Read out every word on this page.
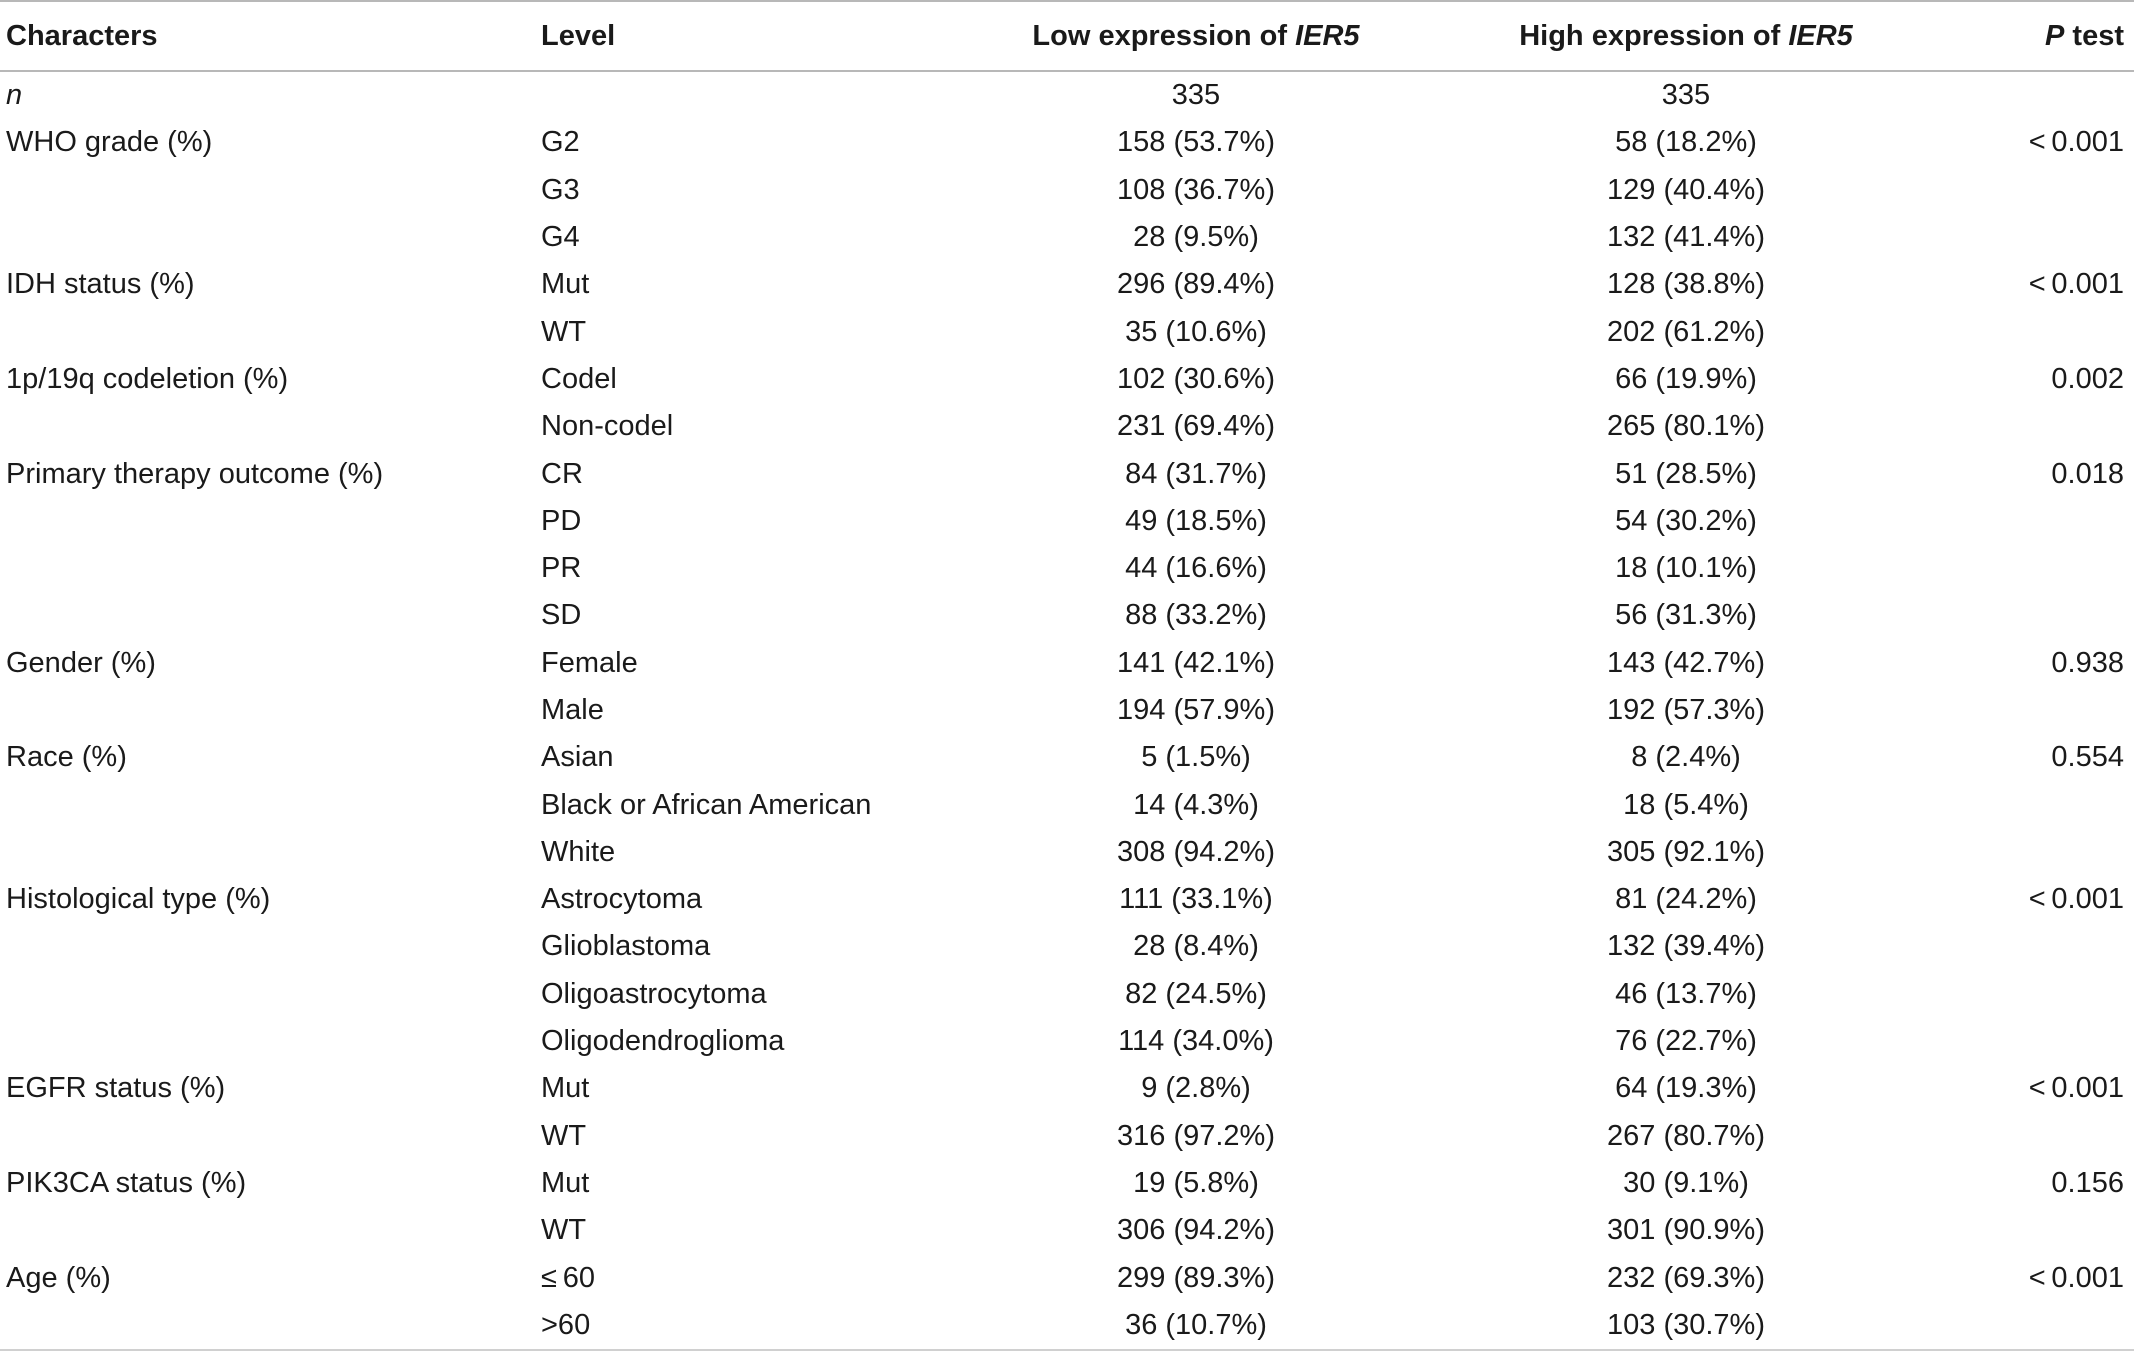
Characters	Level	Low expression of IER5	High expression of IER5	P test
n		335	335	
WHO grade (%)	G2	158 (53.7%)	58 (18.2%)	< 0.001
	G3	108 (36.7%)	129 (40.4%)	
	G4	28 (9.5%)	132 (41.4%)	
IDH status (%)	Mut	296 (89.4%)	128 (38.8%)	< 0.001
	WT	35 (10.6%)	202 (61.2%)	
1p/19q codeletion (%)	Codel	102 (30.6%)	66 (19.9%)	0.002
	Non-codel	231 (69.4%)	265 (80.1%)	
Primary therapy outcome (%)	CR	84 (31.7%)	51 (28.5%)	0.018
	PD	49 (18.5%)	54 (30.2%)	
	PR	44 (16.6%)	18 (10.1%)	
	SD	88 (33.2%)	56 (31.3%)	
Gender (%)	Female	141 (42.1%)	143 (42.7%)	0.938
	Male	194 (57.9%)	192 (57.3%)	
Race (%)	Asian	5 (1.5%)	8 (2.4%)	0.554
	Black or African American	14 (4.3%)	18 (5.4%)	
	White	308 (94.2%)	305 (92.1%)	
Histological type (%)	Astrocytoma	111 (33.1%)	81 (24.2%)	< 0.001
	Glioblastoma	28 (8.4%)	132 (39.4%)	
	Oligoastrocytoma	82 (24.5%)	46 (13.7%)	
	Oligodendroglioma	114 (34.0%)	76 (22.7%)	
EGFR status (%)	Mut	9 (2.8%)	64 (19.3%)	< 0.001
	WT	316 (97.2%)	267 (80.7%)	
PIK3CA status (%)	Mut	19 (5.8%)	30 (9.1%)	0.156
	WT	306 (94.2%)	301 (90.9%)	
Age (%)	≤ 60	299 (89.3%)	232 (69.3%)	< 0.001
	>60	36 (10.7%)	103 (30.7%)	
